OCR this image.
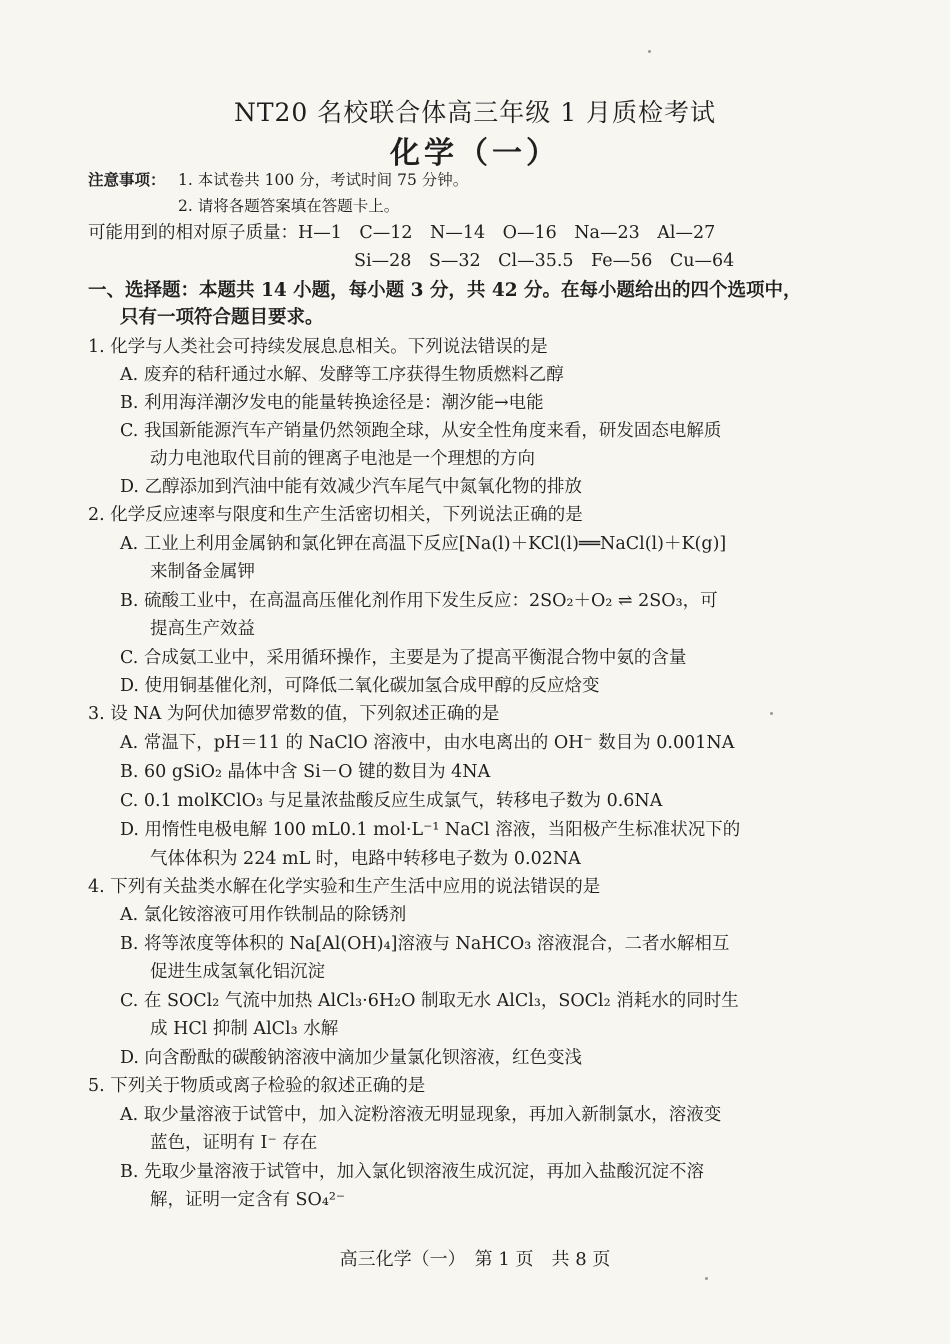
NT20 名校联合体高三年级 1 月质检考试
化学（一）
注意事项： 1. 本试卷共 100 分，考试时间 75 分钟。
2. 请将各题答案填在答题卡上。
可能用到的相对原子质量：H—1　C—12　N—14　O—16　Na—23　Al—27
Si—28　S—32　Cl—35.5　Fe—56　Cu—64
一、选择题：本题共 14 小题，每小题 3 分，共 42 分。在每小题给出的四个选项中，
只有一项符合题目要求。
1. 化学与人类社会可持续发展息息相关。下列说法错误的是
A. 废弃的秸秆通过水解、发酵等工序获得生物质燃料乙醇
B. 利用海洋潮汐发电的能量转换途径是：潮汐能→电能
C. 我国新能源汽车产销量仍然领跑全球，从安全性角度来看，研发固态电解质
动力电池取代目前的锂离子电池是一个理想的方向
D. 乙醇添加到汽油中能有效减少汽车尾气中氮氧化物的排放
2. 化学反应速率与限度和生产生活密切相关，下列说法正确的是
A. 工业上利用金属钠和氯化钾在高温下反应[Na(l)＋KCl(l)══NaCl(l)＋K(g)]
来制备金属钾
B. 硫酸工业中，在高温高压催化剂作用下发生反应：2SO₂＋O₂ ⇌ 2SO₃，可
提高生产效益
C. 合成氨工业中，采用循环操作，主要是为了提高平衡混合物中氨的含量
D. 使用铜基催化剂，可降低二氧化碳加氢合成甲醇的反应焓变
3. 设 NA 为阿伏加德罗常数的值，下列叙述正确的是
A. 常温下，pH＝11 的 NaClO 溶液中，由水电离出的 OH⁻ 数目为 0.001NA
B. 60 gSiO₂ 晶体中含 Si－O 键的数目为 4NA
C. 0.1 molKClO₃ 与足量浓盐酸反应生成氯气，转移电子数为 0.6NA
D. 用惰性电极电解 100 mL0.1 mol·L⁻¹ NaCl 溶液，当阳极产生标准状况下的
气体体积为 224 mL 时，电路中转移电子数为 0.02NA
4. 下列有关盐类水解在化学实验和生产生活中应用的说法错误的是
A. 氯化铵溶液可用作铁制品的除锈剂
B. 将等浓度等体积的 Na[Al(OH)₄]溶液与 NaHCO₃ 溶液混合，二者水解相互
促进生成氢氧化铝沉淀
C. 在 SOCl₂ 气流中加热 AlCl₃·6H₂O 制取无水 AlCl₃，SOCl₂ 消耗水的同时生
成 HCl 抑制 AlCl₃ 水解
D. 向含酚酞的碳酸钠溶液中滴加少量氯化钡溶液，红色变浅
5. 下列关于物质或离子检验的叙述正确的是
A. 取少量溶液于试管中，加入淀粉溶液无明显现象，再加入新制氯水，溶液变
蓝色，证明有 I⁻ 存在
B. 先取少量溶液于试管中，加入氯化钡溶液生成沉淀，再加入盐酸沉淀不溶
解，证明一定含有 SO₄²⁻
高三化学（一）　第 1 页　共 8 页
